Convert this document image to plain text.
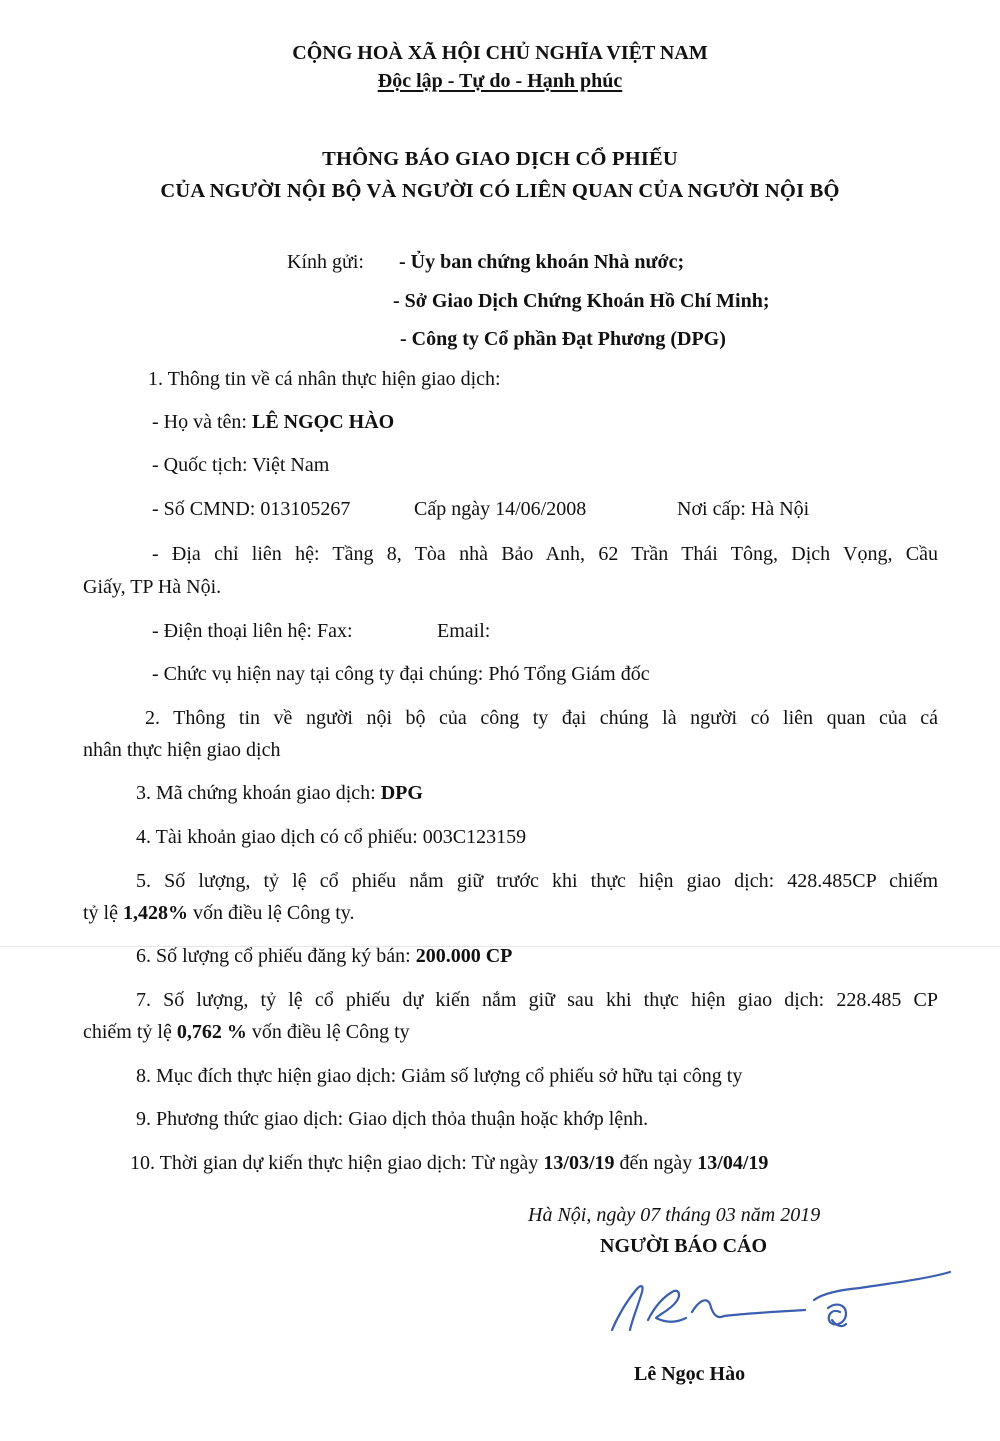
CỘNG HOÀ XÃ HỘI CHỦ NGHĨA VIỆT NAM
Độc lập - Tự do - Hạnh phúc
THÔNG BÁO GIAO DỊCH CỔ PHIẾU
CỦA NGƯỜI NỘI BỘ VÀ NGƯỜI CÓ LIÊN QUAN CỦA NGƯỜI NỘI BỘ
Kính gửi: - Ủy ban chứng khoán Nhà nước;
- Sở Giao Dịch Chứng Khoán Hồ Chí Minh;
- Công ty Cổ phần Đạt Phương (DPG)
1. Thông tin về cá nhân thực hiện giao dịch:
- Họ và tên: LÊ NGỌC HÀO
- Quốc tịch: Việt Nam
- Số CMND: 013105267	Cấp ngày 14/06/2008	Nơi cấp: Hà Nội
- Địa chỉ liên hệ: Tầng 8, Tòa nhà Bảo Anh, 62 Trần Thái Tông, Dịch Vọng, Cầu
Giấy, TP Hà Nội.
- Điện thoại liên hệ: Fax:	Email:
- Chức vụ hiện nay tại công ty đại chúng: Phó Tổng Giám đốc
2. Thông tin về người nội bộ của công ty đại chúng là người có liên quan của cá
nhân thực hiện giao dịch
3. Mã chứng khoán giao dịch: DPG
4. Tài khoản giao dịch có cổ phiếu: 003C123159
5. Số lượng, tỷ lệ cổ phiếu nắm giữ trước khi thực hiện giao dịch: 428.485CP chiếm
tỷ lệ 1,428% vốn điều lệ Công ty.
6. Số lượng cổ phiếu đăng ký bán: 200.000 CP
7. Số lượng, tỷ lệ cổ phiếu dự kiến nắm giữ sau khi thực hiện giao dịch: 228.485 CP
chiếm tỷ lệ 0,762 % vốn điều lệ Công ty
8. Mục đích thực hiện giao dịch: Giảm số lượng cổ phiếu sở hữu tại công ty
9. Phương thức giao dịch: Giao dịch thỏa thuận hoặc khớp lệnh.
10. Thời gian dự kiến thực hiện giao dịch: Từ ngày 13/03/19 đến ngày 13/04/19
Hà Nội, ngày 07 tháng 03 năm 2019
NGƯỜI BÁO CÁO
Lê Ngọc Hào
